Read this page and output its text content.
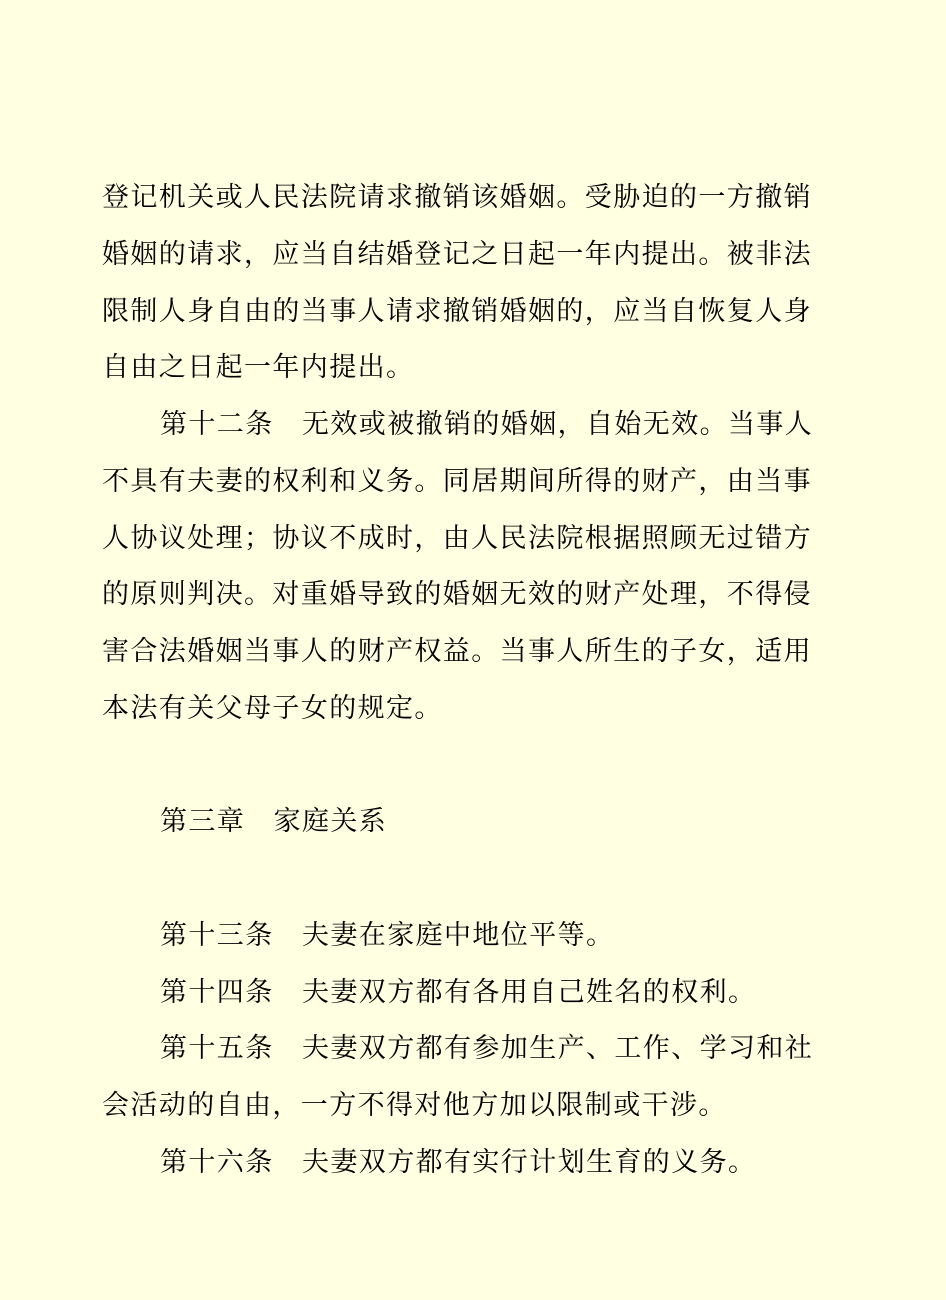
登记机关或人民法院请求撤销该婚姻。受胁迫的一方撤销
婚姻的请求，应当自结婚登记之日起一年内提出。被非法
限制人身自由的当事人请求撤销婚姻的，应当自恢复人身
自由之日起一年内提出。
第十二条　无效或被撤销的婚姻，自始无效。当事人
不具有夫妻的权利和义务。同居期间所得的财产，由当事
人协议处理；协议不成时，由人民法院根据照顾无过错方
的原则判决。对重婚导致的婚姻无效的财产处理，不得侵
害合法婚姻当事人的财产权益。当事人所生的子女，适用
本法有关父母子女的规定。
第三章　家庭关系
第十三条　夫妻在家庭中地位平等。
第十四条　夫妻双方都有各用自己姓名的权利。
第十五条　夫妻双方都有参加生产、工作、学习和社
会活动的自由，一方不得对他方加以限制或干涉。
第十六条　夫妻双方都有实行计划生育的义务。
